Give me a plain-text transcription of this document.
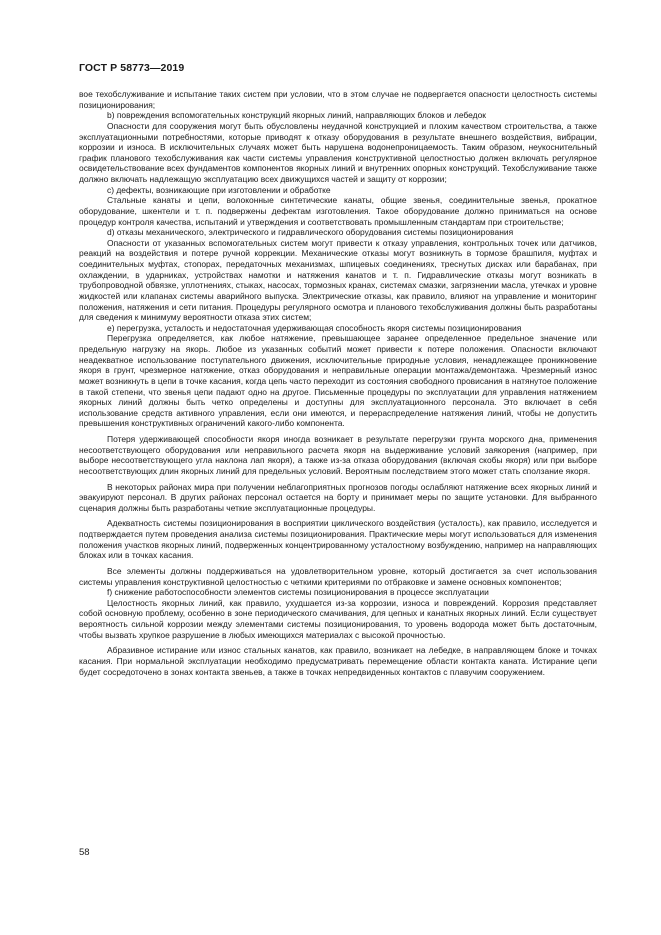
ГОСТ Р 58773—2019

вое техобслуживание и испытание таких систем при условии, что в этом случае не подвергается опасности целостность системы позиционирования;

b) повреждения вспомогательных конструкций якорных линий, направляющих блоков и лебедок

Опасности для сооружения могут быть обусловлены неудачной конструкцией и плохим качеством строительства, а также эксплуатационными потребностями, которые приводят к отказу оборудования в результате внешнего воздействия, вибрации, коррозии и износа. В исключительных случаях может быть нарушена водонепроницаемость. Таким образом, неукоснительный график планового техобслуживания как части системы управления конструктивной целостностью должен включать регулярное освидетельствование всех фундаментов компонентов якорных линий и внутренних опорных конструкций. Техобслуживание также должно включать надлежащую эксплуатацию всех движущихся частей и защиту от коррозии;

c) дефекты, возникающие при изготовлении и обработке

Стальные канаты и цепи, волоконные синтетические канаты, общие звенья, соединительные звенья, прокатное оборудование, шкентели и т. п. подвержены дефектам изготовления. Такое оборудование должно приниматься на основе процедур контроля качества, испытаний и утверждения и соответствовать промышленным стандартам при строительстве;

d) отказы механического, электрического и гидравлического оборудования системы позиционирования

Опасности от указанных вспомогательных систем могут привести к отказу управления, контрольных точек или датчиков, реакций на воздействия и потере ручной коррекции. Механические отказы могут возникнуть в тормозе брашпиля, муфтах и соединительных муфтах, стопорах, передаточных механизмах, шпицевых соединениях, треснутых дисках или барабанах, при охлаждении, в ударниках, устройствах намотки и натяжения канатов и т. п. Гидравлические отказы могут возникать в трубопроводной обвязке, уплотнениях, стыках, насосах, тормозных кранах, системах смазки, загрязнении масла, утечках и уровне жидкостей или клапанах системы аварийного выпуска. Электрические отказы, как правило, влияют на управление и мониторинг положения, натяжения и сети питания. Процедуры регулярного осмотра и планового техобслуживания должны быть разработаны для сведения к минимуму вероятности отказа этих систем;

e) перегрузка, усталость и недостаточная удерживающая способность якоря системы позиционирования

Перегрузка определяется, как любое натяжение, превышающее заранее определенное предельное значение или предельную нагрузку на якорь. Любое из указанных событий может привести к потере положения. Опасности включают неадекватное использование поступательного движения, исключительные природные условия, ненадлежащее проникновение якоря в грунт, чрезмерное натяжение, отказ оборудования и неправильные операции монтажа/демонтажа. Чрезмерный износ может возникнуть в цепи в точке касания, когда цепь часто переходит из состояния свободного провисания в натянутое положение в такой степени, что звенья цепи падают одно на другое. Письменные процедуры по эксплуатации для управления натяжением якорных линий должны быть четко определены и доступны для эксплуатационного персонала. Это включает в себя использование средств активного управления, если они имеются, и перераспределение натяжения линий, чтобы не допустить превышения конструктивных ограничений какого-либо компонента.

Потеря удерживающей способности якоря иногда возникает в результате перегрузки грунта морского дна, применения несоответствующего оборудования или неправильного расчета якоря на выдерживание условий заякорения (например, при выборе несоответствующего угла наклона лап якоря), а также из-за отказа оборудования (включая скобы якоря) или при выборе несоответствующих длин якорных линий для предельных условий. Вероятным последствием этого может стать сползание якоря.

В некоторых районах мира при получении неблагоприятных прогнозов погоды ослабляют натяжение всех якорных линий и эвакуируют персонал. В других районах персонал остается на борту и принимает меры по защите установки. Для выбранного сценария должны быть разработаны четкие эксплуатационные процедуры.

Адекватность системы позиционирования в восприятии циклического воздействия (усталость), как правило, исследуется и подтверждается путем проведения анализа системы позиционирования. Практические меры могут использоваться для изменения положения участков якорных линий, подверженных концентрированному усталостному возбуждению, например на направляющих блоках или в точках касания.

Все элементы должны поддерживаться на удовлетворительном уровне, который достигается за счет использования системы управления конструктивной целостностью с четкими критериями по отбраковке и замене основных компонентов;

f) снижение работоспособности элементов системы позиционирования в процессе эксплуатации

Целостность якорных линий, как правило, ухудшается из-за коррозии, износа и повреждений. Коррозия представляет собой основную проблему, особенно в зоне периодического смачивания, для цепных и канатных якорных линий. Если существует вероятность сильной коррозии между элементами системы позиционирования, то уровень водорода может быть достаточным, чтобы вызвать хрупкое разрушение в любых имеющихся материалах с высокой прочностью.

Абразивное истирание или износ стальных канатов, как правило, возникает на лебедке, в направляющем блоке и точках касания. При нормальной эксплуатации необходимо предусматривать перемещение области контакта каната. Истирание цепи будет сосредоточено в зонах контакта звеньев, а также в точках непредвиденных контактов с плавучим сооружением.

58
